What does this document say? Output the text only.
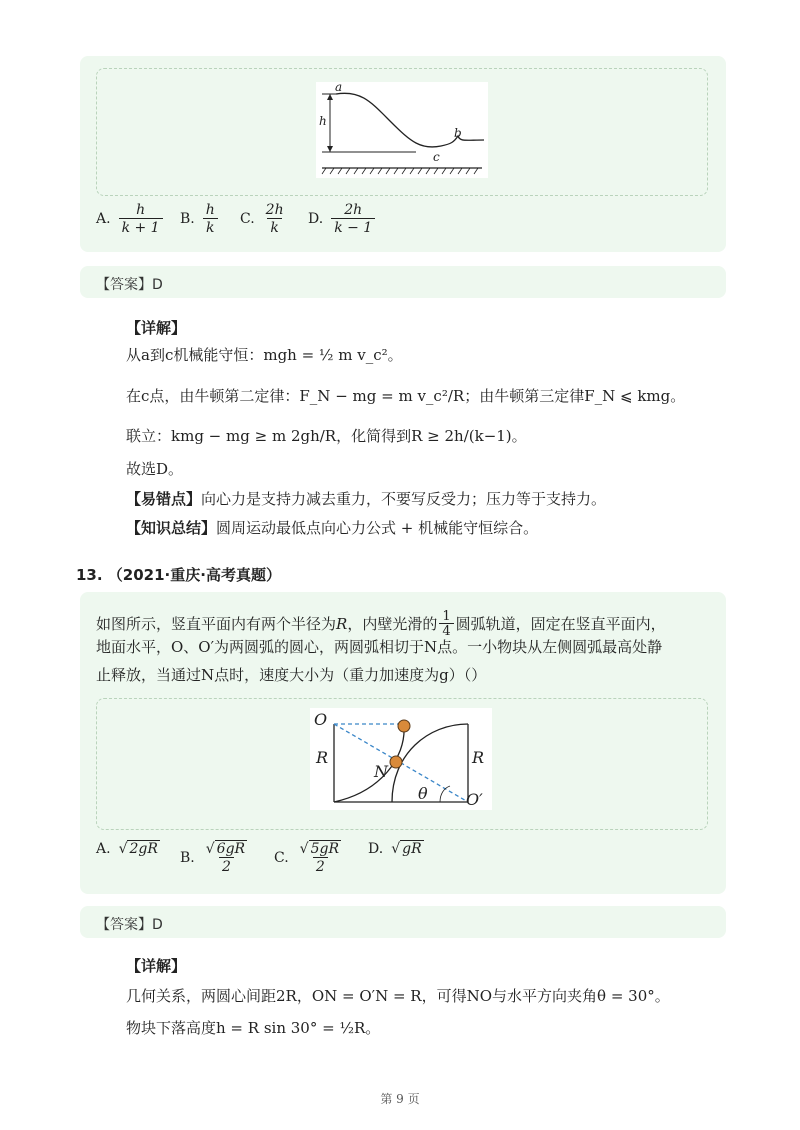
a
h
b
c
A. $\frac{h}{k + 1} B$. $\frac{h}{k} C$. $\frac{2h}{k} D$. $\frac{2h}{k - 1}$
【答案】D
【详解】
从a到c机械能守恒：mgh = ½ m v_c²。
在c点，由牛顿第二定律：F_N − mg = m v_c²/R；由牛顿第三定律F_N ⩽ kmg。
联立：kmg − mg ≥ m 2gh/R，化简得到R ≥ 2h/(k−1)。
故选D。
【易错点】向心力是支持力减去重力，不要写反受力；压力等于支持力。
【知识总结】圆周运动最低点向心力公式 + 机械能守恒综合。
13. （2021·重庆·高考真题）
如图所示，竖直平面内有两个半径为 R ，内壁光滑的 $\frac{1}{4}$ 圆弧轨道，固定在竖直平面内，
地面水平，O、O′为两圆弧的圆心，两圆弧相切于N点。一小物块从左侧圆弧最高处静
止释放，当通过N点时，速度大小为（重力加速度为g）（）
O
R
N
R
θ O′
A. √ 2gR
B. $\frac{√ 6gR}{2} C$. $\frac{√ 5gR}{2} D$. √ gR
【答案】D
【详解】
几何关系，两圆心间距2R，ON = O′N = R，可得NO与水平方向夹角θ = 30°。
物块下落高度h = R sin 30° = ½R。
第 9 页
